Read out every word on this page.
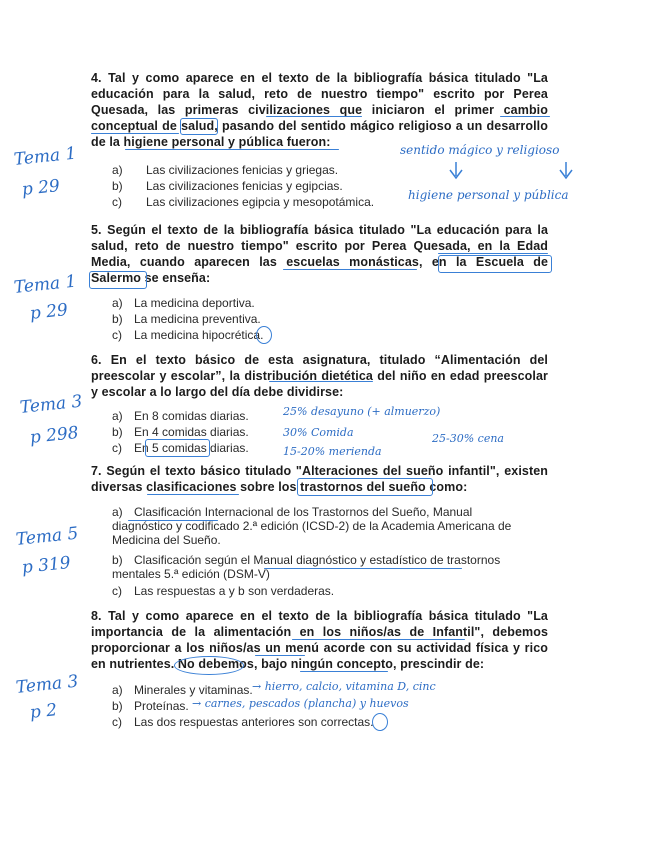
4. Tal y como aparece en el texto de la bibliografía básica titulado "La educación para la salud, reto de nuestro tiempo" escrito por Perea Quesada, las primeras civilizaciones que iniciaron el primer cambio conceptual de salud, pasando del sentido mágico religioso a un desarrollo de la higiene personal y pública fueron:
a) Las civilizaciones fenicias y griegas.
b) Las civilizaciones fenicias y egipcias.
c) Las civilizaciones egipcia y mesopotámica.
Tema 1
p 29
sentido mágico y religioso
higiene personal y pública
5. Según el texto de la bibliografía básica titulado "La educación para la salud, reto de nuestro tiempo" escrito por Perea Quesada, en la Edad Media, cuando aparecen las escuelas monásticas, en la Escuela de Salermo se enseña:
a) La medicina deportiva.
b) La medicina preventiva.
c) La medicina hipocrética.
Tema 1
p 29
6. En el texto básico de esta asignatura, titulado “Alimentación del preescolar y escolar”, la distribución dietética del niño en edad preescolar y escolar a lo largo del día debe dividirse:
a) En 8 comidas diarias.
b) En 4 comidas diarias.
c) En 5 comidas diarias.
Tema 3
p 298
25% desayuno (+ almuerzo)
30% Comida	25-30% cena
15-20% merienda
7. Según el texto básico titulado "Alteraciones del sueño infantil", existen diversas clasificaciones sobre los trastornos del sueño como:
a) Clasificación Internacional de los Trastornos del Sueño, Manual diagnóstico y codificado 2.ª edición (ICSD-2) de la Academia Americana de Medicina del Sueño.
b) Clasificación según el Manual diagnóstico y estadístico de trastornos mentales 5.ª edición (DSM-V)
c) Las respuestas a y b son verdaderas.
Tema 5
p 319
8. Tal y como aparece en el texto de la bibliografía básica titulado "La importancia de la alimentación en los niños/as de Infantil", debemos proporcionar a los niños/as un menú acorde con su actividad física y rico en nutrientes. No debemos, bajo ningún concepto, prescindir de:
a) Minerales y vitaminas.
b) Proteínas.
c) Las dos respuestas anteriores son correctas.
Tema 3
p 2
→ hierro, calcio, vitamina D, cinc
→ carnes, pescados (plancha) y huevos
